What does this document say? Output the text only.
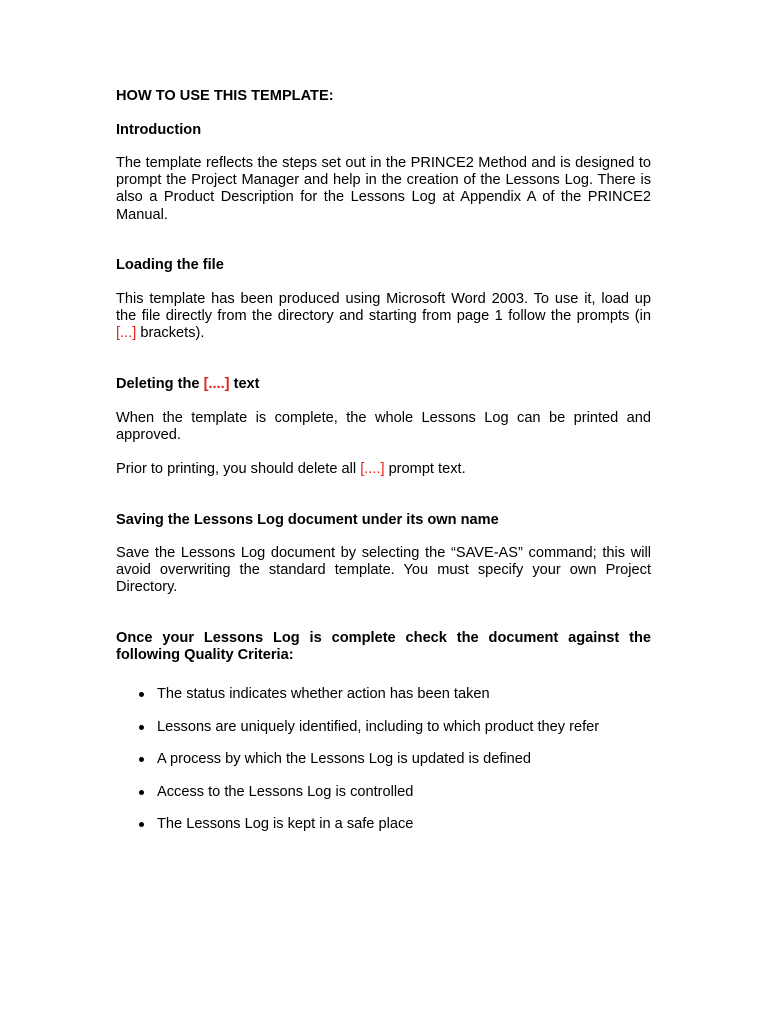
HOW TO USE THIS TEMPLATE:

Introduction

The template reflects the steps set out in the PRINCE2 Method and is designed to prompt the Project Manager and help in the creation of the Lessons Log. There is also a Product Description for the Lessons Log at Appendix A of the PRINCE2 Manual.

Loading the file

This template has been produced using Microsoft Word 2003. To use it, load up the file directly from the directory and starting from page 1 follow the prompts (in [...] brackets).

Deleting the [....] text

When the template is complete, the whole Lessons Log can be printed and approved.

Prior to printing, you should delete all [....] prompt text.

Saving the Lessons Log document under its own name

Save the Lessons Log document by selecting the “SAVE-AS” command; this will avoid overwriting the standard template. You must specify your own Project Directory.

Once your Lessons Log is complete check the document against the following Quality Criteria:

The status indicates whether action has been taken
Lessons are uniquely identified, including to which product they refer
A process by which the Lessons Log is updated is defined
Access to the Lessons Log is controlled
The Lessons Log is kept in a safe place
